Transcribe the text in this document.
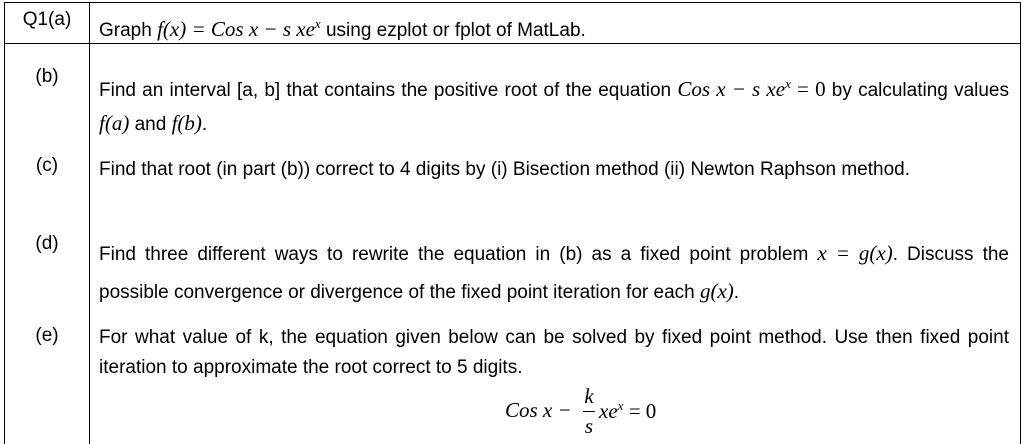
Q1(a)
Graph f(x) = Cos x − s $xe^x$ using ezplot or fplot of MatLab.
(b)
Find an interval [a, b] that contains the positive root of the equation Cos x − s $xe^x = 0$ by calculating values f(a) and f(b).
(c)	Find that root (in part (b)) correct to 4 digits by (i) Bisection method (ii) Newton Raphson method.
(d)
Find three different ways to rewrite the equation in (b) as a fixed point problem x = g(x). Discuss the possible convergence or divergence of the fixed point iteration for each g(x).
(e)	For what value of k, the equation given below can be solved by fixed point method. Use then fixed point iteration to approximate the root correct to 5 digits.
Cos x −
k
s
$xe^x = 0$
